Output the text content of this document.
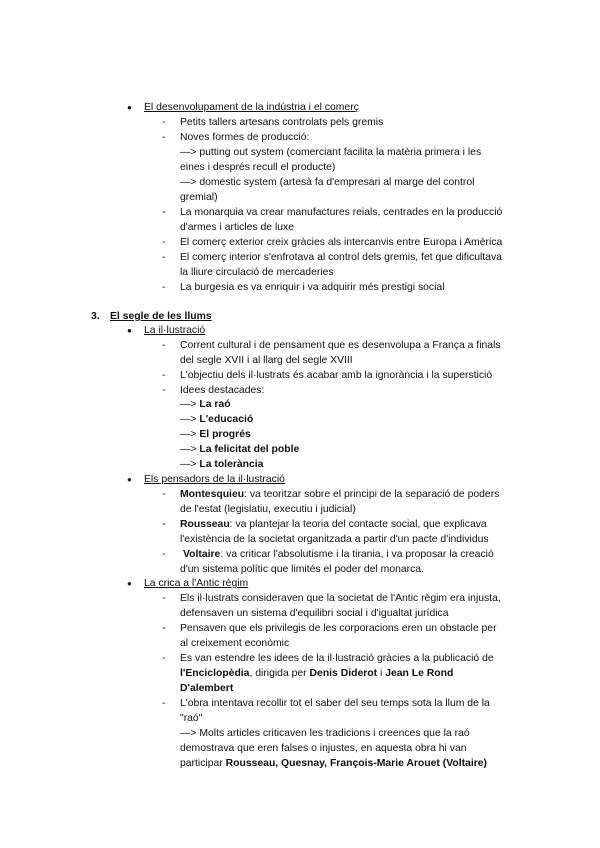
● El desenvolupament de la indústria i el comerç
- Petits tallers artesans controlats pels gremis
- Noves formes de producció:
—> putting out system (comerciant facilita la matèria primera i les
eines i després recull el producte)
—> domestic system (artesà fa d'empresari al marge del control
gremial)
- La monarquia va crear manufactures reials, centrades en la producció
d'armes i articles de luxe
- El comerç exterior creix gràcies als intercanvis entre Europa i Amèrica
- El comerç interior s'enfrotava al control dels gremis, fet que dificultava
la lliure circulació de mercaderies
- La burgesia es va enriquir i va adquirir més prestigi social
3. El segle de les llums
● La il·lustració
- Corrent cultural i de pensament que es desenvolupa a França a finals
del segle XVII i al llarg del segle XVIII
- L'objectiu dels il·lustrats és acabar amb la ignorància i la superstició
- Idees destacades:
—> La raó
—> L'educació
—> El progrés
—> La felicitat del poble
—> La tolerància
● Els pensadors de la il·lustració
- Montesquieu: va teoritzar sobre el principi de la separació de poders
de l'estat (legislatiu, executiu i judicial)
- Rousseau: va plantejar la teoria del contacte social, que explicava
l'existència de la societat organitzada a partir d'un pacte d'individus
- Voltaire: va criticar l'absolutisme i la tirania, i va proposar la creació
d'un sistema polític que limités el poder del monarca.
● La crica a l'Antic règim
- Els il·lustrats consideraven que la societat de l'Antic règim era injusta,
defensaven un sistema d'equilibri social i d'igualtat jurídica
- Pensaven que els privilegis de les corporacions eren un obstacle per
al creixement econòmic
- Es van estendre les idees de la il·lustració gràcies a la publicació de
l'Enciclopèdia, dirigida per Denis Diderot i Jean Le Rond
D'alembert
- L'obra intentava recollir tot el saber del seu temps sota la llum de la
"raó"
—> Molts articles criticaven les tradicions i creences que la raó
demostrava que eren falses o injustes, en aquesta obra hi van
participar Rousseau, Quesnay, François-Marie Arouet (Voltaire)
